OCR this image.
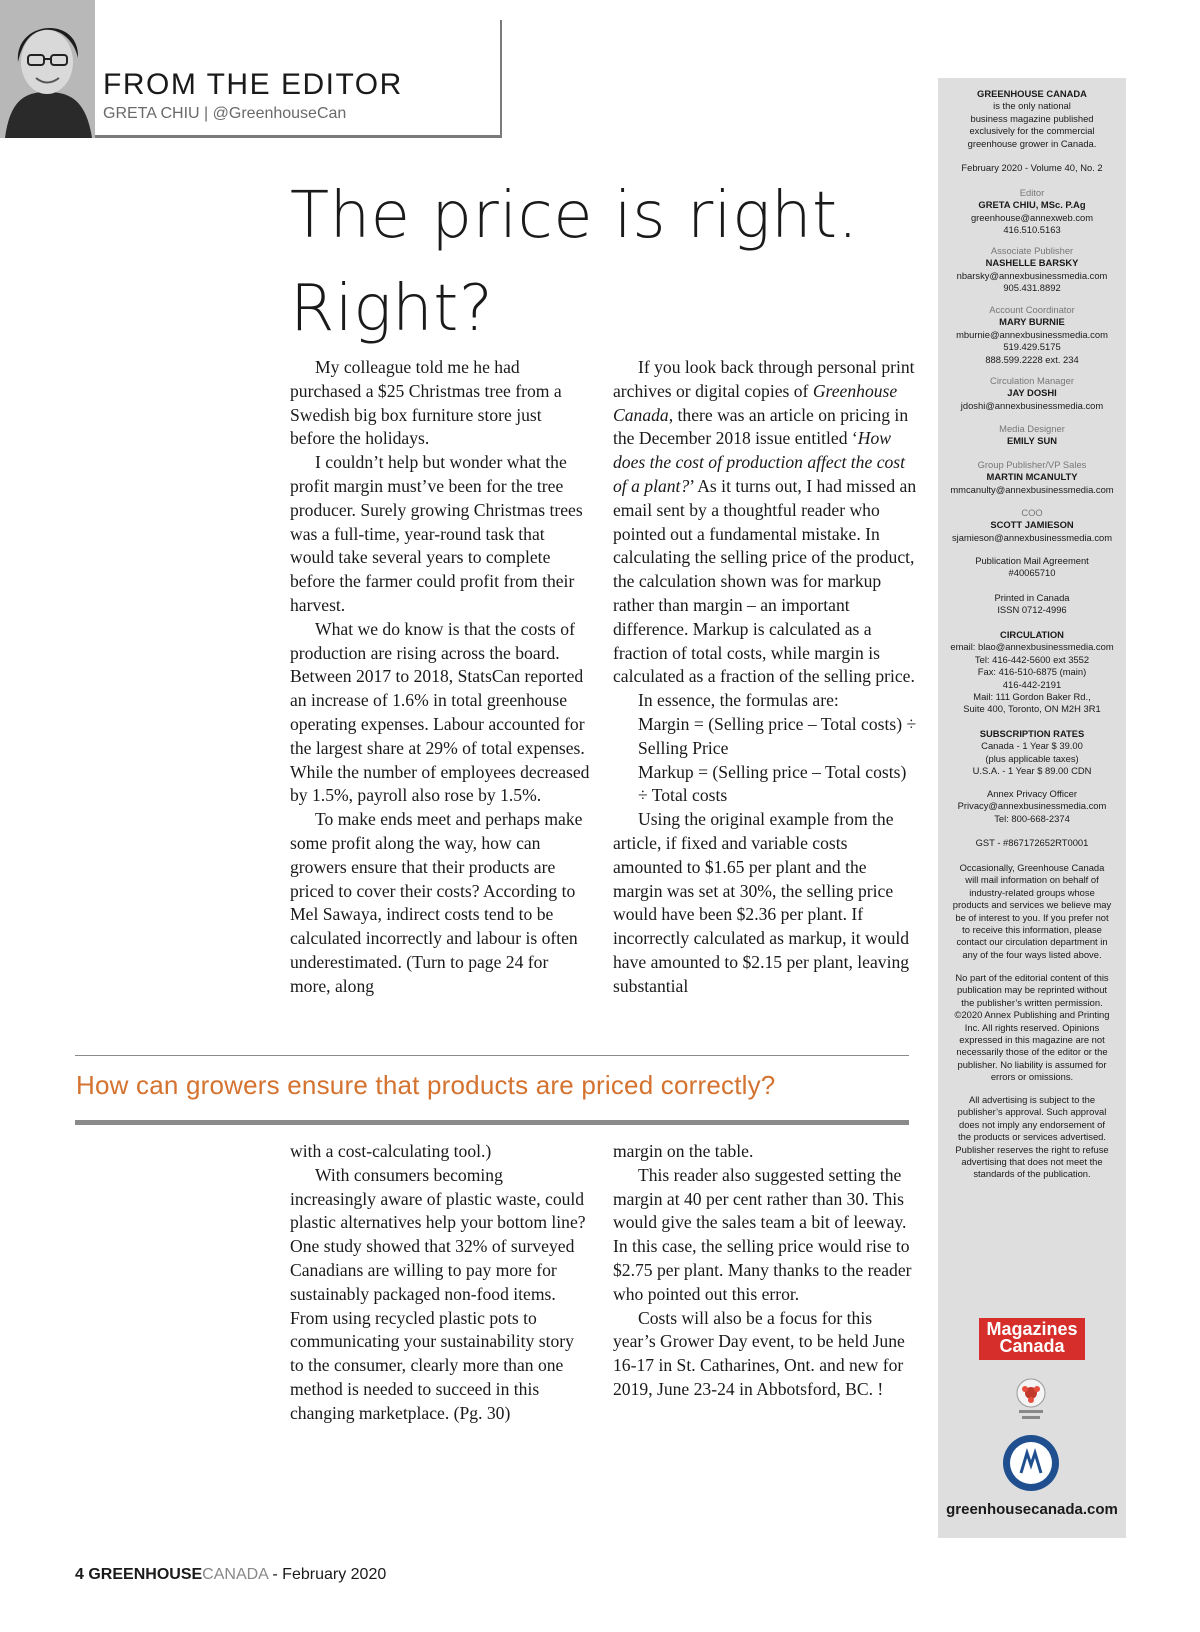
FROM THE EDITOR
GRETA CHIU | @GreenhouseCan
The price is right.
Right?

My colleague told me he had purchased a $25 Christmas tree from a Swedish big box furniture store just before the holidays.

I couldn’t help but wonder what the profit margin must’ve been for the tree producer. Surely growing Christmas trees was a full-time, year-round task that would take several years to complete before the farmer could profit from their harvest.

What we do know is that the costs of production are rising across the board. Between 2017 to 2018, StatsCan reported an increase of 1.6% in total greenhouse operating expenses. Labour accounted for the largest share at 29% of total expenses. While the number of employees decreased by 1.5%, payroll also rose by 1.5%.

To make ends meet and perhaps make some profit along the way, how can growers ensure that their products are priced to cover their costs? According to Mel Sawaya, indirect costs tend to be calculated incorrectly and labour is often underestimated. (Turn to page 24 for more, along

If you look back through personal print archives or digital copies of Greenhouse Canada, there was an article on pricing in the December 2018 issue entitled ‘How does the cost of production affect the cost of a plant?’ As it turns out, I had missed an email sent by a thoughtful reader who pointed out a fundamental mistake. In calculating the selling price of the product, the calculation shown was for markup rather than margin – an important difference. Markup is calculated as a fraction of total costs, while margin is calculated as a fraction of the selling price.

In essence, the formulas are:

Margin = (Selling price – Total costs) ÷ Selling Price

Markup = (Selling price – Total costs) ÷ Total costs

Using the original example from the article, if fixed and variable costs amounted to $1.65 per plant and the margin was set at 30%, the selling price would have been $2.36 per plant. If incorrectly calculated as markup, it would have amounted to $2.15 per plant, leaving substantial

How can growers ensure that products are priced correctly?

with a cost-calculating tool.)

With consumers becoming increasingly aware of plastic waste, could plastic alternatives help your bottom line? One study showed that 32% of surveyed Canadians are willing to pay more for sustainably packaged non-food items. From using recycled plastic pots to communicating your sustainability story to the consumer, clearly more than one method is needed to succeed in this changing marketplace. (Pg. 30)

margin on the table.

This reader also suggested setting the margin at 40 per cent rather than 30. This would give the sales team a bit of leeway. In this case, the selling price would rise to $2.75 per plant. Many thanks to the reader who pointed out this error.

Costs will also be a focus for this year’s Grower Day event, to be held June 16-17 in St. Catharines, Ont. and new for 2019, June 23-24 in Abbotsford, BC. !

GREENHOUSE CANADA
is the only national
business magazine published
exclusively for the commercial
greenhouse grower in Canada.
February 2020 - Volume 40, No. 2
Editor
GRETA CHIU, MSc. P.Ag
greenhouse@annexweb.com
416.510.5163
Associate Publisher
NASHELLE BARSKY
nbarsky@annexbusinessmedia.com
905.431.8892
Account Coordinator
MARY BURNIE
mburnie@annexbusinessmedia.com
519.429.5175
888.599.2228 ext. 234
Circulation Manager
JAY DOSHI
jdoshi@annexbusinessmedia.com
Media Designer
EMILY SUN
Group Publisher/VP Sales
MARTIN MCANULTY
mmcanulty@annexbusinessmedia.com
COO
SCOTT JAMIESON
sjamieson@annexbusinessmedia.com
Publication Mail Agreement
#40065710
Printed in Canada
ISSN 0712-4996
CIRCULATION
email: blao@annexbusinessmedia.com
Tel: 416-442-5600 ext 3552
Fax: 416-510-6875 (main)
416-442-2191
Mail: 111 Gordon Baker Rd.,
Suite 400, Toronto, ON M2H 3R1
SUBSCRIPTION RATES
Canada - 1 Year $ 39.00
(plus applicable taxes)
U.S.A. - 1 Year $ 89.00 CDN
Annex Privacy Officer
Privacy@annexbusinessmedia.com
Tel: 800-668-2374
GST - #867172652RT0001
Occasionally, Greenhouse Canada
will mail information on behalf of
industry-related groups whose
products and services we believe may
be of interest to you. If you prefer not
to receive this information, please
contact our circulation department in
any of the four ways listed above.
No part of the editorial content of this
publication may be reprinted without
the publisher’s written permission.
©2020 Annex Publishing and Printing
Inc. All rights reserved. Opinions
expressed in this magazine are not
necessarily those of the editor or the
publisher. No liability is assumed for
errors or omissions.
All advertising is subject to the
publisher’s approval. Such approval
does not imply any endorsement of
the products or services advertised.
Publisher reserves the right to refuse
advertising that does not meet the
standards of the publication.
greenhousecanada.com
Magazines
Canada
4 GREENHOUSECANADA - February 2020
